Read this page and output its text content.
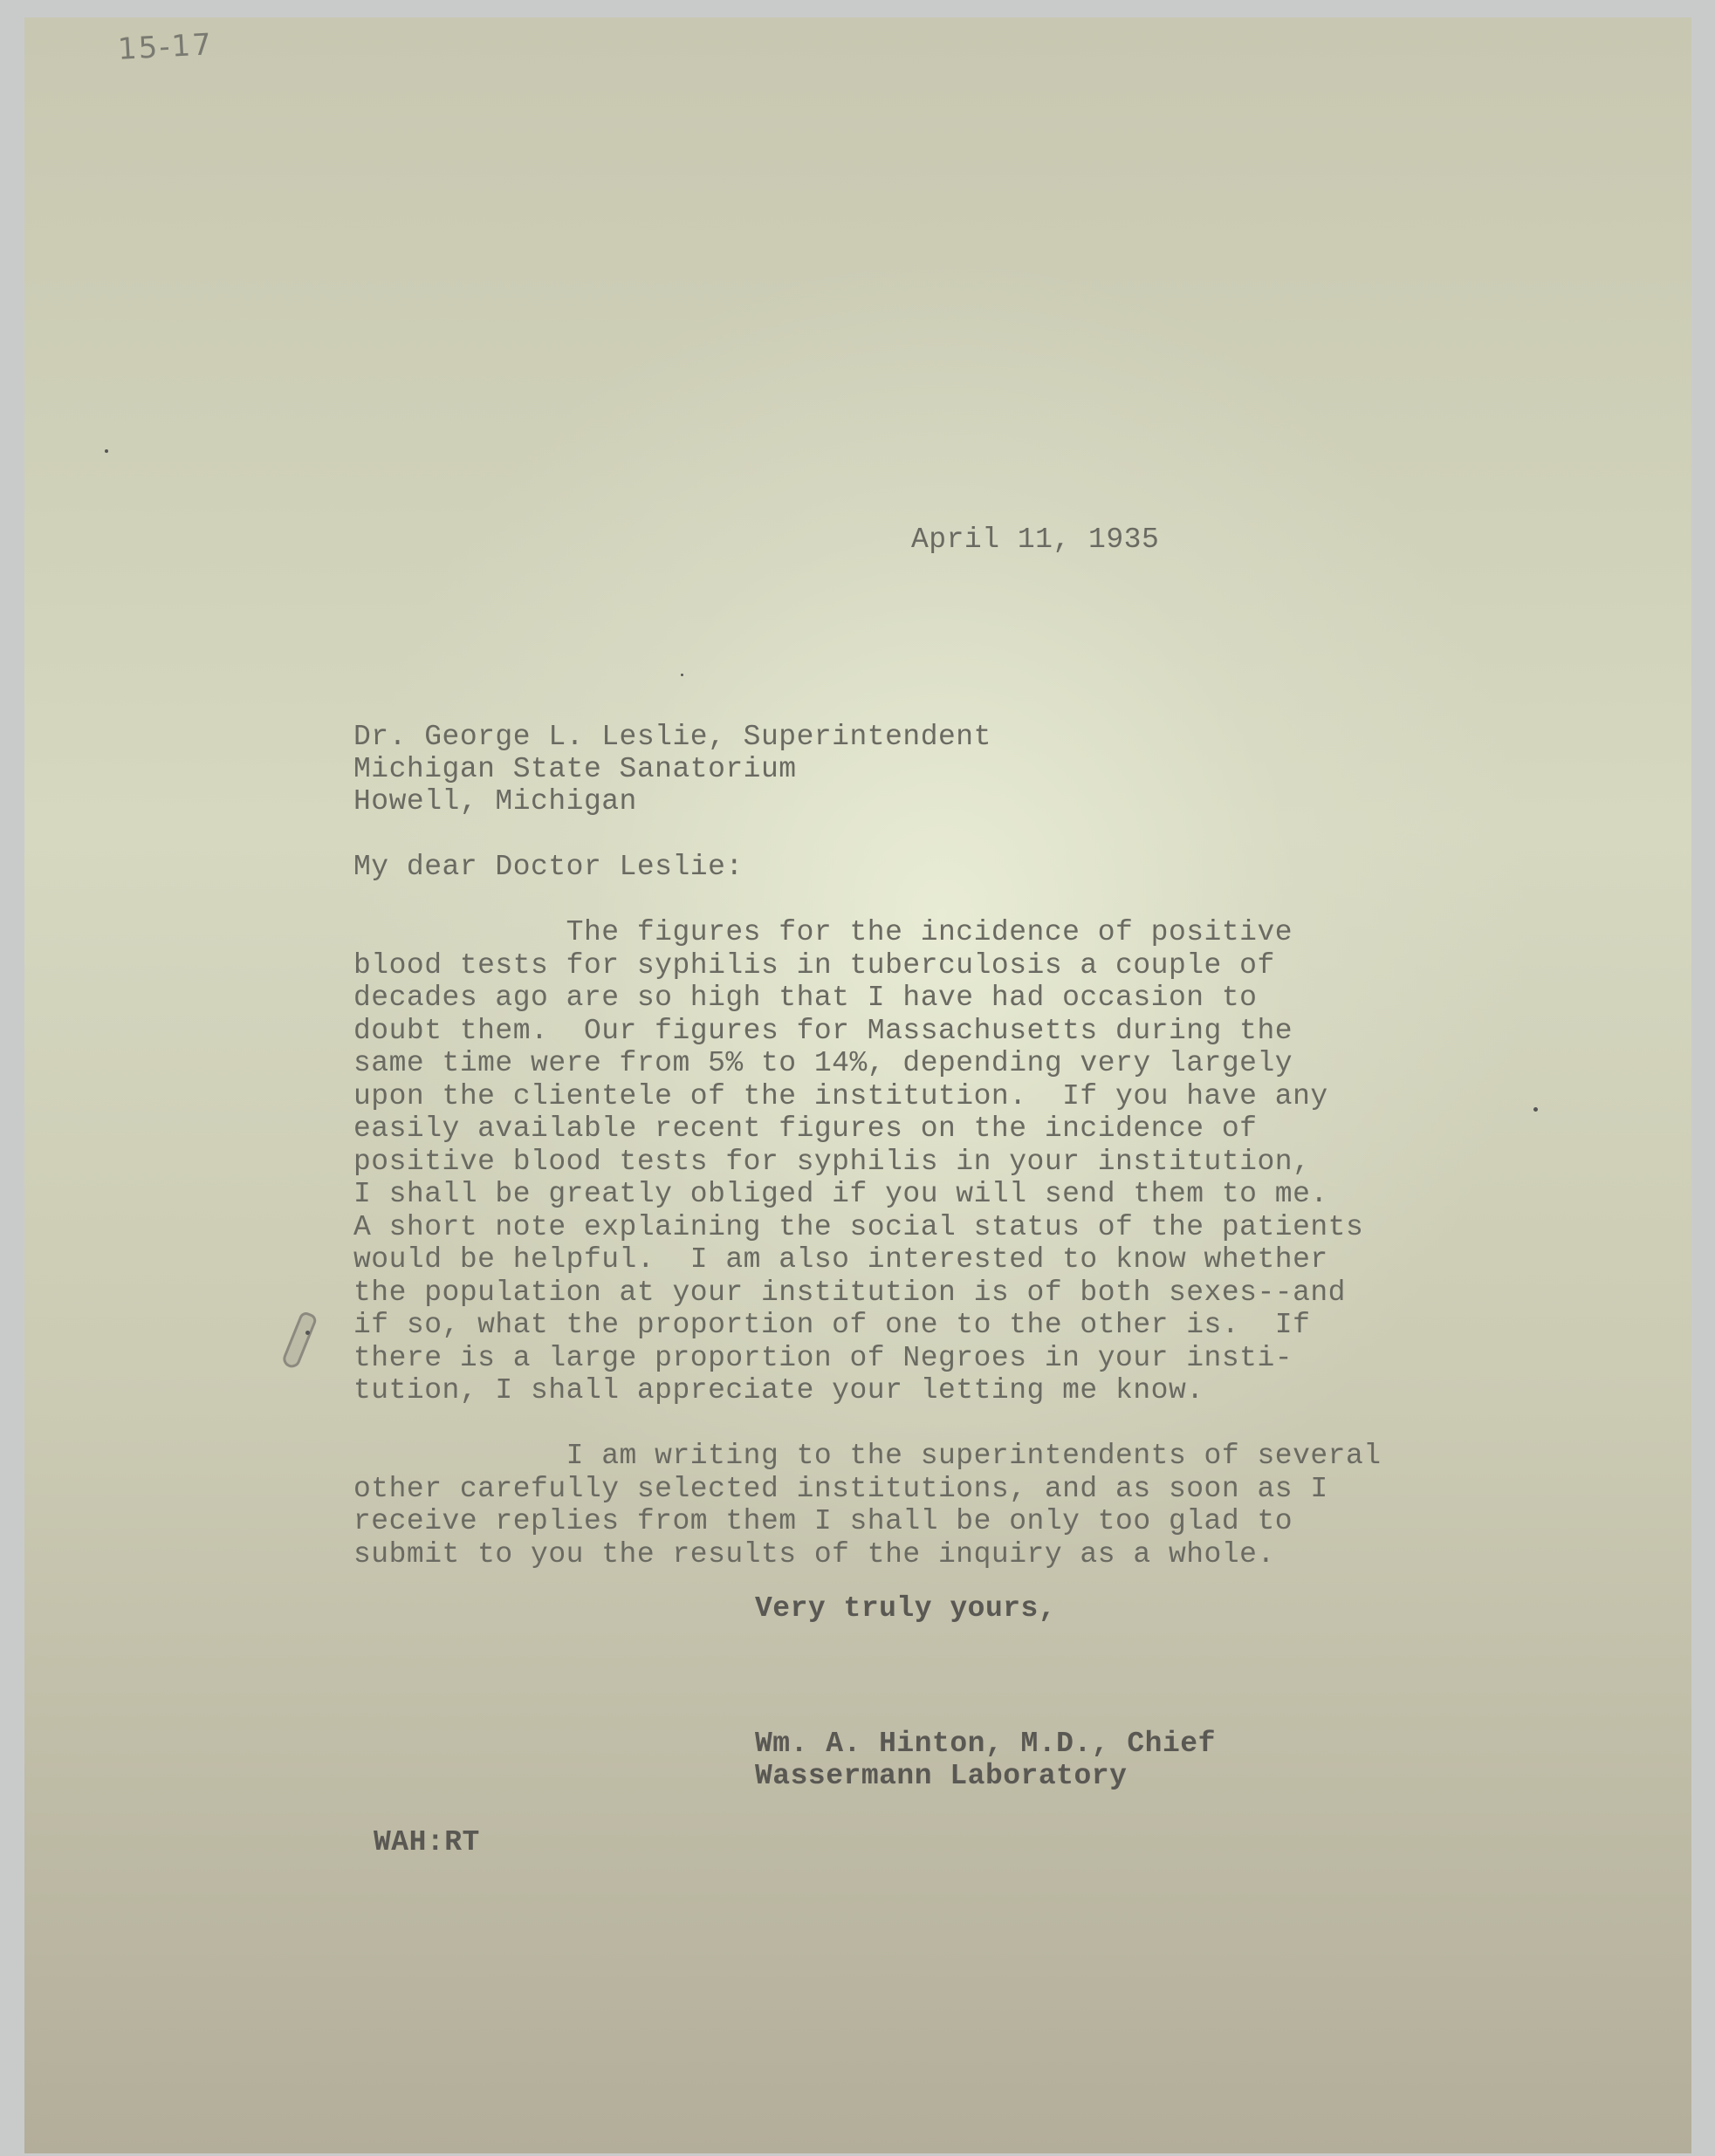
15-17
April 11, 1935
Dr. George L. Leslie, Superintendent
Michigan State Sanatorium
Howell, Michigan
My dear Doctor Leslie:
The figures for the incidence of positive
blood tests for syphilis in tuberculosis a couple of
decades ago are so high that I have had occasion to
doubt them.  Our figures for Massachusetts during the
same time were from 5% to 14%, depending very largely
upon the clientele of the institution.  If you have any
easily available recent figures on the incidence of
positive blood tests for syphilis in your institution,
I shall be greatly obliged if you will send them to me.
A short note explaining the social status of the patients
would be helpful.  I am also interested to know whether
the population at your institution is of both sexes--and
if so, what the proportion of one to the other is.  If
there is a large proportion of Negroes in your insti-
tution, I shall appreciate your letting me know.
I am writing to the superintendents of several
other carefully selected institutions, and as soon as I
receive replies from them I shall be only too glad to
submit to you the results of the inquiry as a whole.
Very truly yours,
Wm. A. Hinton, M.D., Chief
Wassermann Laboratory
WAH:RT
